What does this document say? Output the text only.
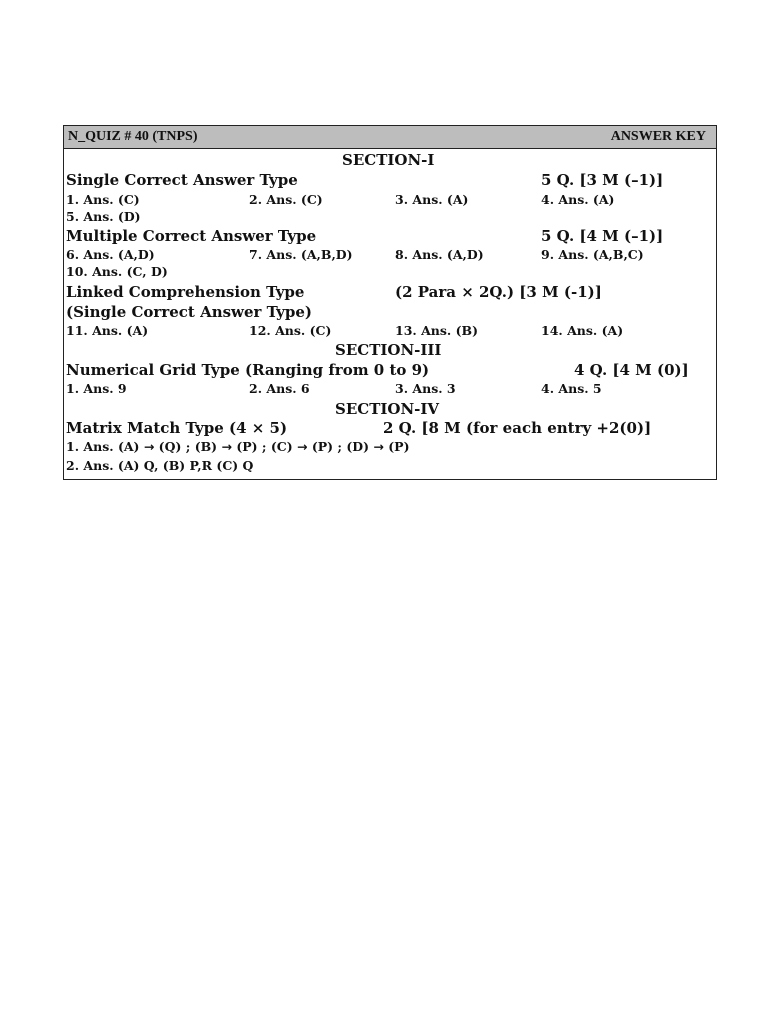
N_QUIZ # 40 (TNPS)	ANSWER KEY
SECTION-I
Single Correct Answer Type	5 Q. [3 M (–1)]
1. Ans. (C)	2. Ans. (C)	3. Ans. (A)	4. Ans. (A)
5. Ans. (D)
Multiple Correct Answer Type	5 Q. [4 M (–1)]
6. Ans. (A,D)	7. Ans. (A,B,D)	8. Ans. (A,D)	9. Ans. (A,B,C)
10. Ans. (C, D)
Linked Comprehension Type	(2 Para × 2Q.) [3 M (-1)]
(Single Correct Answer Type)
11. Ans. (A)	12. Ans. (C)	13. Ans. (B)	14. Ans. (A)
SECTION-III
Numerical Grid Type (Ranging from 0 to 9)	4 Q. [4 M (0)]
1. Ans. 9	2. Ans. 6	3. Ans. 3	4. Ans. 5
SECTION-IV
Matrix Match Type (4 × 5)	2 Q. [8 M (for each entry +2(0)]
1. Ans. (A) → (Q) ; (B) → (P) ; (C) → (P) ; (D) → (P)
2. Ans. (A) Q, (B) P,R (C) Q
